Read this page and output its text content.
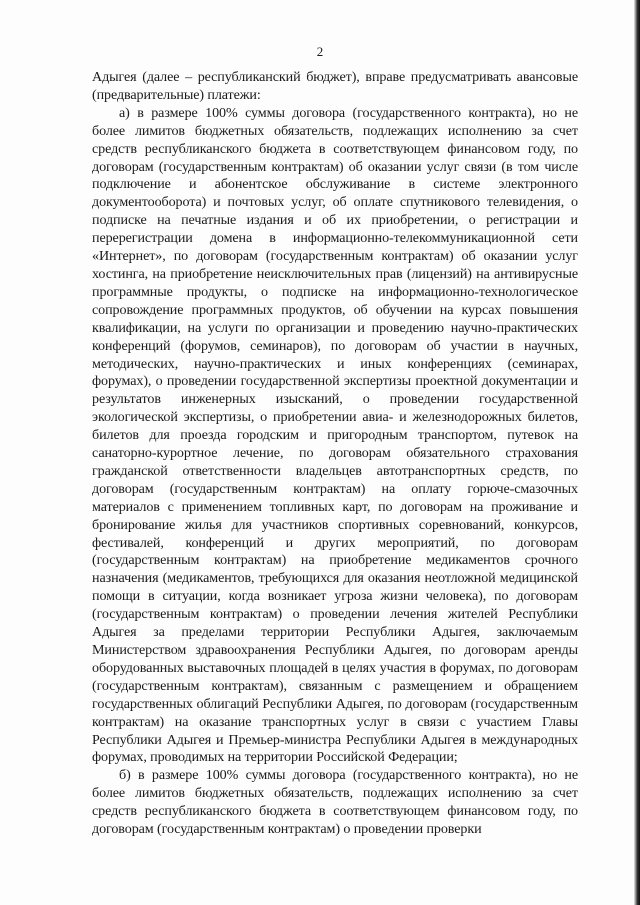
2

Адыгея (далее – республиканский бюджет), вправе предусматривать авансовые (предварительные) платежи:

а) в размере 100% суммы договора (государственного контракта), но не более лимитов бюджетных обязательств, подлежащих исполнению за счет средств республиканского бюджета в соответствующем финансовом году, по договорам (государственным контрактам) об оказании услуг связи (в том числе подключение и абонентское обслуживание в системе электронного документооборота) и почтовых услуг, об оплате спутникового телевидения, о подписке на печатные издания и об их приобретении, о регистрации и перерегистрации домена в информационно-телекоммуникационной сети «Интернет», по договорам (государственным контрактам) об оказании услуг хостинга, на приобретение неисключительных прав (лицензий) на антивирусные программные продукты, о подписке на информационно-технологическое сопровождение программных продуктов, об обучении на курсах повышения квалификации, на услуги по организации и проведению научно-практических конференций (форумов, семинаров), по договорам об участии в научных, методических, научно-практических и иных конференциях (семинарах, форумах), о проведении государственной экспертизы проектной документации и результатов инженерных изысканий, о проведении государственной экологической экспертизы, о приобретении авиа- и железнодорожных билетов, билетов для проезда городским и пригородным транспортом, путевок на санаторно-курортное лечение, по договорам обязательного страхования гражданской ответственности владельцев автотранспортных средств, по договорам (государственным контрактам) на оплату горюче-смазочных материалов с применением топливных карт, по договорам на проживание и бронирование жилья для участников спортивных соревнований, конкурсов, фестивалей, конференций и других мероприятий, по договорам (государственным контрактам) на приобретение медикаментов срочного назначения (медикаментов, требующихся для оказания неотложной медицинской помощи в ситуации, когда возникает угроза жизни человека), по договорам (государственным контрактам) о проведении лечения жителей Республики Адыгея за пределами территории Республики Адыгея, заключаемым Министерством здравоохранения Республики Адыгея, по договорам аренды оборудованных выставочных площадей в целях участия в форумах, по договорам (государственным контрактам), связанным с размещением и обращением государственных облигаций Республики Адыгея, по договорам (государственным контрактам) на оказание транспортных услуг в связи с участием Главы Республики Адыгея и Премьер-министра Республики Адыгея в международных форумах, проводимых на территории Российской Федерации;

б) в размере 100% суммы договора (государственного контракта), но не более лимитов бюджетных обязательств, подлежащих исполнению за счет средств республиканского бюджета в соответствующем финансовом году, по договорам (государственным контрактам) о проведении проверки
